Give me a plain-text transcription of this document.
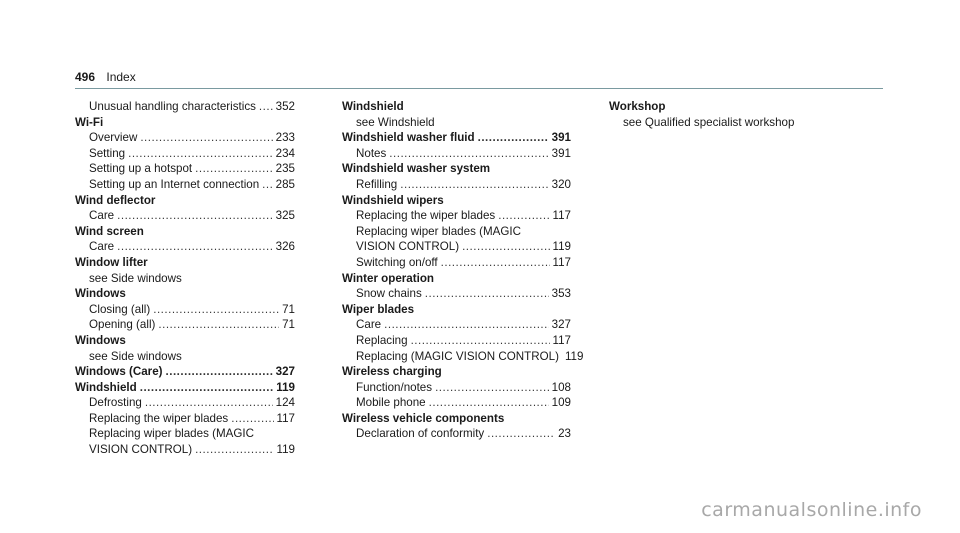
496 Index
Unusual handling characteristics ..... 352
Wi-Fi
Overview .....	233
Setting .....	234
Setting up a hotspot .....	235
Setting up an Internet connection ..... 285
Wind deflector
Care .....	325
Wind screen
Care .....	326
Window lifter
see Side windows
Windows
Closing (all) .....	71
Opening (all) .....	71
Windows
see Side windows
Windows (Care) .....	327
Windshield .....	119
Defrosting .....	124
Replacing the wiper blades .....	117
Replacing wiper blades (MAGIC
VISION CONTROL) .....	119
Windshield
see Windshield
Windshield washer fluid .....	391
Notes .....	391
Windshield washer system
Refilling .....	320
Windshield wipers
Replacing the wiper blades .....	117
Replacing wiper blades (MAGIC
VISION CONTROL) .....	119
Switching on/off .....	117
Winter operation
Snow chains .....	353
Wiper blades
Care .....	327
Replacing .....	117
Replacing (MAGIC VISION CONTROL) 119
Wireless charging
Function/notes .....	108
Mobile phone .....	109
Wireless vehicle components
Declaration of conformity .....	23
Workshop
see Qualified specialist workshop
carmanualsonline.info
